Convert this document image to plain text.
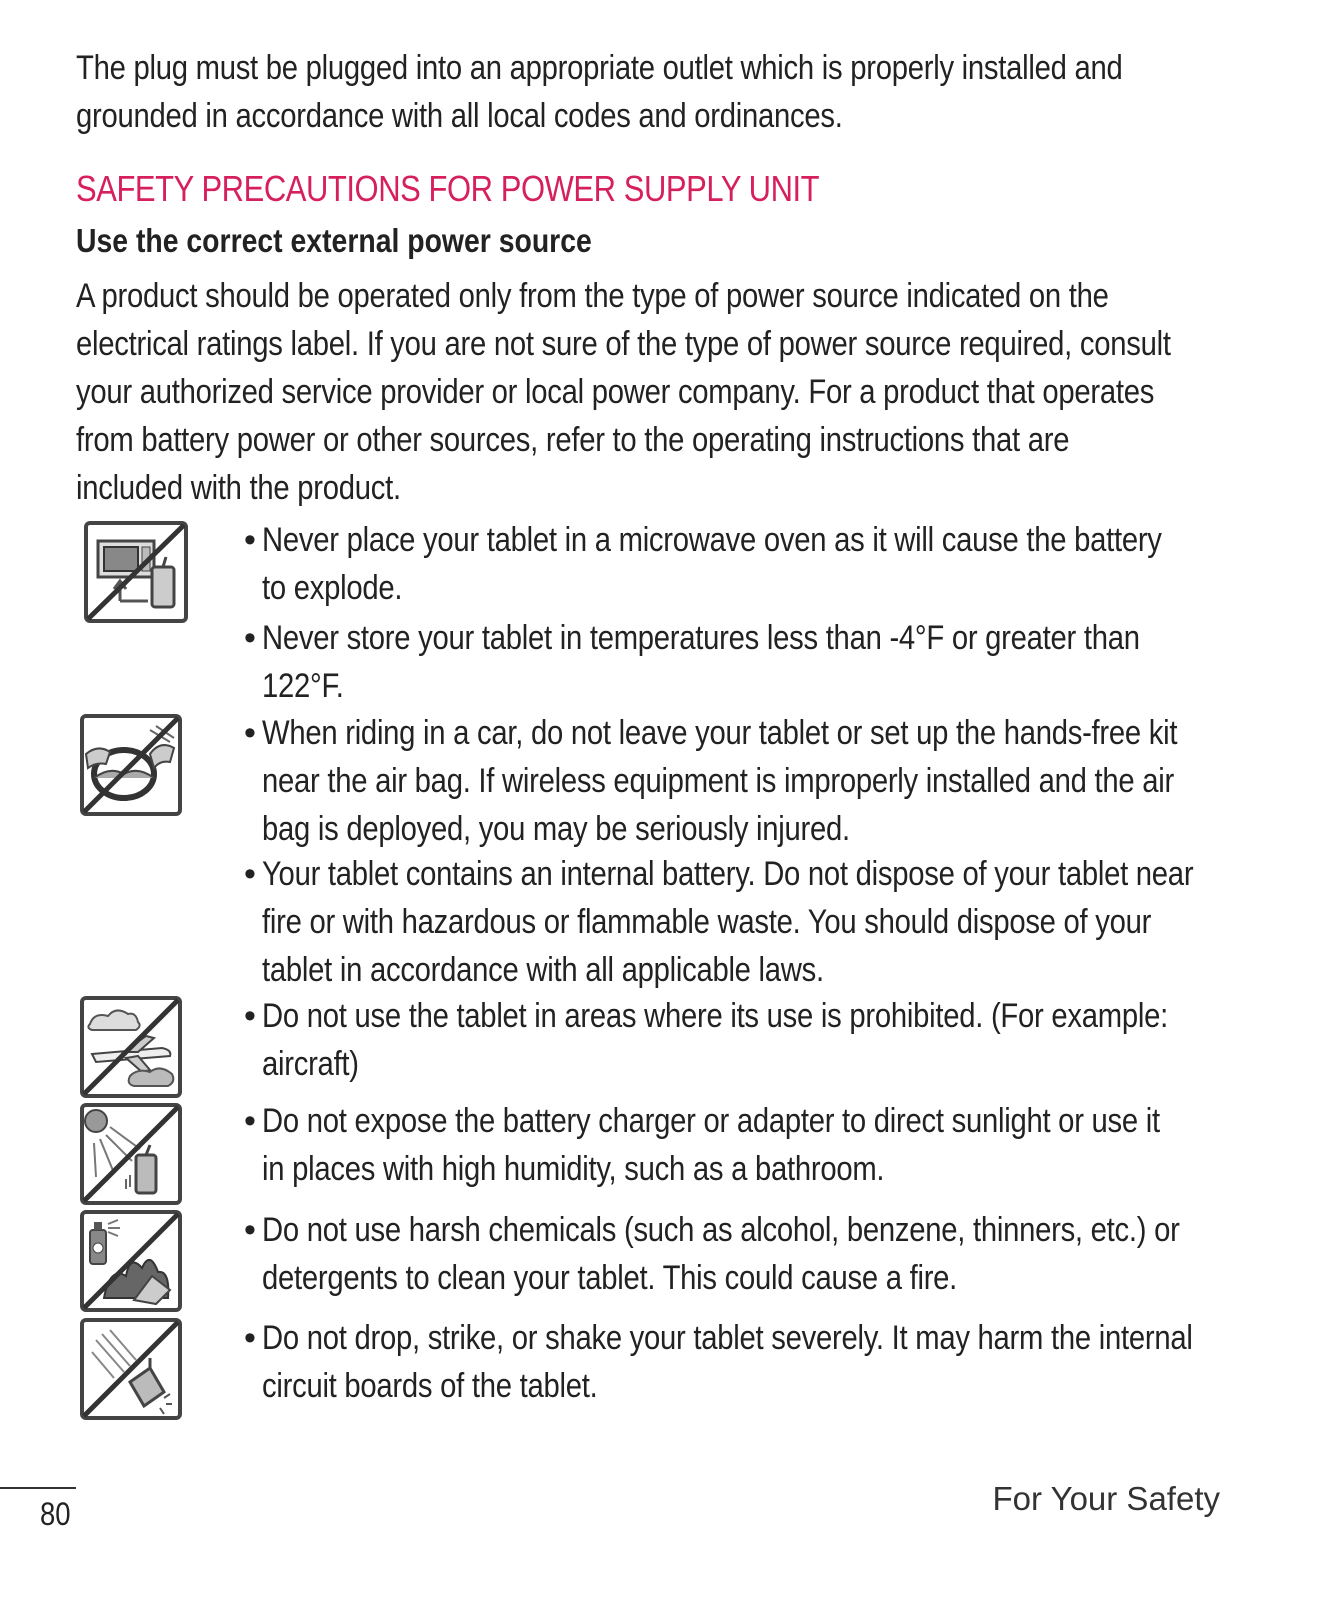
The plug must be plugged into an appropriate outlet which is properly installed and
grounded in accordance with all local codes and ordinances.
SAFETY PRECAUTIONS FOR POWER SUPPLY UNIT
Use the correct external power source
A product should be operated only from the type of power source indicated on the
electrical ratings label. If you are not sure of the type of power source required, consult
your authorized service provider or local power company. For a product that operates
from battery power or other sources, refer to the operating instructions that are
included with the product.
• Never place your tablet in a microwave oven as it will cause the battery
to explode.
• Never store your tablet in temperatures less than -4°F or greater than
122°F.
• When riding in a car, do not leave your tablet or set up the hands-free kit
near the air bag. If wireless equipment is improperly installed and the air
bag is deployed, you may be seriously injured.
• Your tablet contains an internal battery. Do not dispose of your tablet near
fire or with hazardous or flammable waste. You should dispose of your
tablet in accordance with all applicable laws.
• Do not use the tablet in areas where its use is prohibited. (For example:
aircraft)
• Do not expose the battery charger or adapter to direct sunlight or use it
in places with high humidity, such as a bathroom.
• Do not use harsh chemicals (such as alcohol, benzene, thinners, etc.) or
detergents to clean your tablet. This could cause a fire.
• Do not drop, strike, or shake your tablet severely. It may harm the internal
circuit boards of the tablet.
80	For Your Safety
